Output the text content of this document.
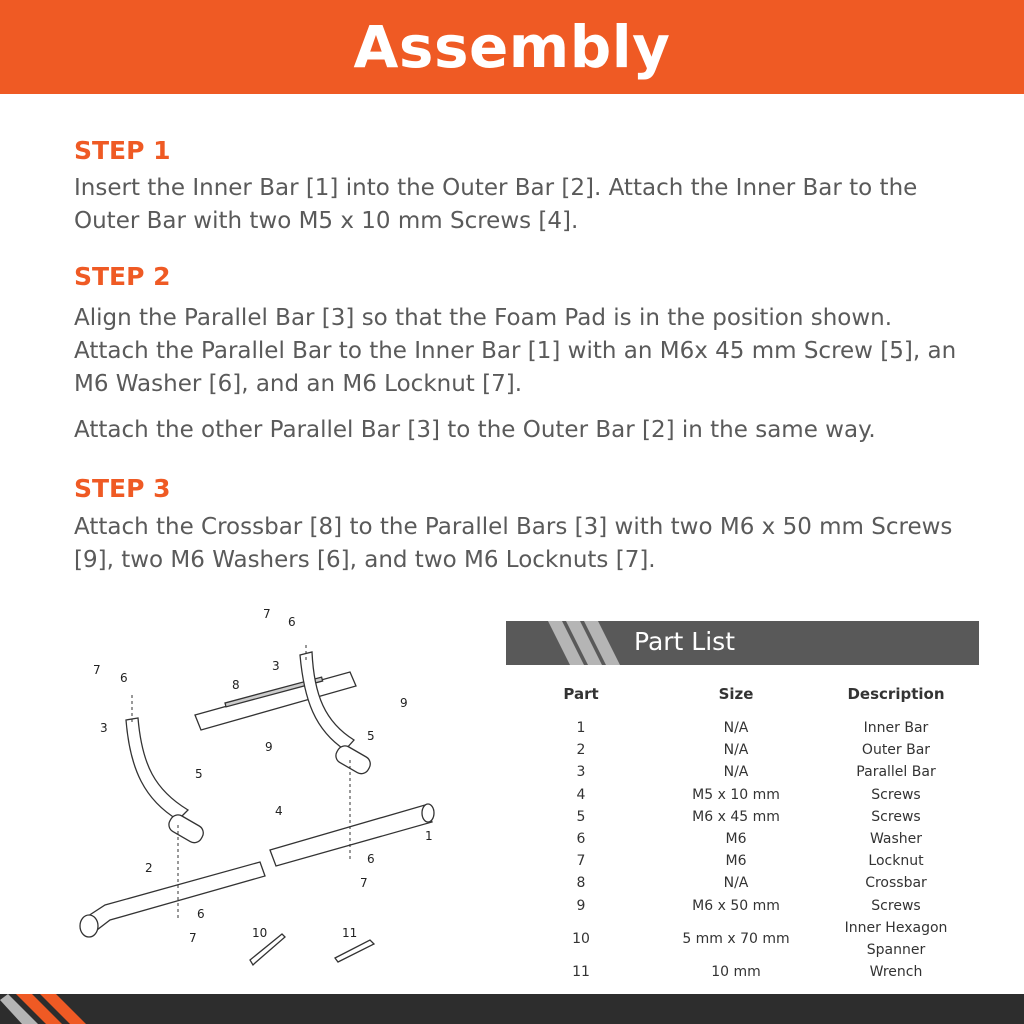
Assembly

STEP 1

Insert the Inner Bar [1] into the Outer Bar [2]. Attach the Inner Bar to the Outer Bar with two M5 x 10 mm Screws [4].

STEP 2

Align the Parallel Bar [3] so that the Foam Pad is in the position shown. Attach the Parallel Bar to the Inner Bar [1] with an M6x 45 mm Screw [5], an M6 Washer [6], and an M6 Locknut [7].

Attach the other Parallel Bar [3] to the Outer Bar [2] in the same way.

STEP 3

Attach the Crossbar [8] to the Parallel Bars [3] with two M6 x 50 mm Screws [9], two M6 Washers [6], and two M6 Locknuts [7].

1
2
3
3
4
5
5
6
6
6
6
7
7
7
7
8
9
9
10	11
Part List
Part	Size	Description
1	N/A	Inner Bar
2	N/A	Outer Bar
3	N/A	Parallel Bar
4	M5 x 10 mm	Screws
5	M6 x 45 mm	Screws
6	M6	Washer
7	M6	Locknut
8	N/A	Crossbar
9	M6 x 50 mm	Screws
10	5 mm x 70 mm	Inner Hexagon Spanner
11	10 mm	Wrench
